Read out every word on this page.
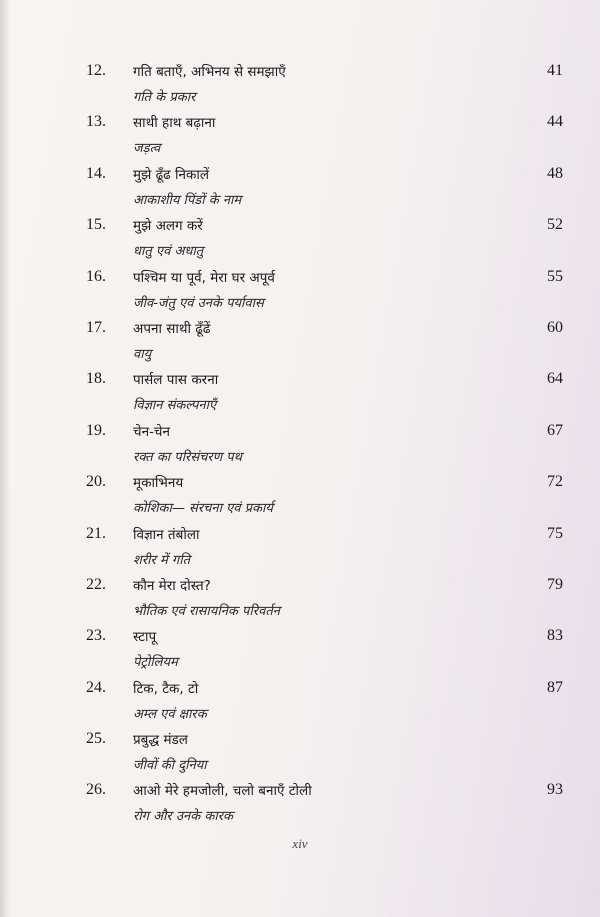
12. गति बताएँ, अभिनय से समझाएँ
गति के प्रकार
41
13. साथी हाथ बढ़ाना
जड़त्व
44
14. मुझे ढूँढ निकालें
आकाशीय पिंडों के नाम
48
15. मुझे अलग करें
धातु एवं अधातु
52
16. पश्चिम या पूर्व, मेरा घर अपूर्व
जीव-जंतु एवं उनके पर्यावास
55
17. अपना साथी ढूँढें
वायु
60
18. पार्सल पास करना
विज्ञान संकल्पनाएँ
64
19. चेन-चेन
रक्त का परिसंचरण पथ
67
20. मूकाभिनय
कोशिका— संरचना एवं प्रकार्य
72
21. विज्ञान तंबोला
शरीर में गति
75
22. कौन मेरा दोस्त?
भौतिक एवं रासायनिक परिवर्तन
79
23. स्टापू
पेट्रोलियम
83
24. टिक, टैक, टो
अम्ल एवं क्षारक
87
25. प्रबुद्ध मंडल
जीवों की दुनिया
26. आओ मेरे हमजोली, चलो बनाएँ टोली
रोग और उनके कारक
93
xiv
